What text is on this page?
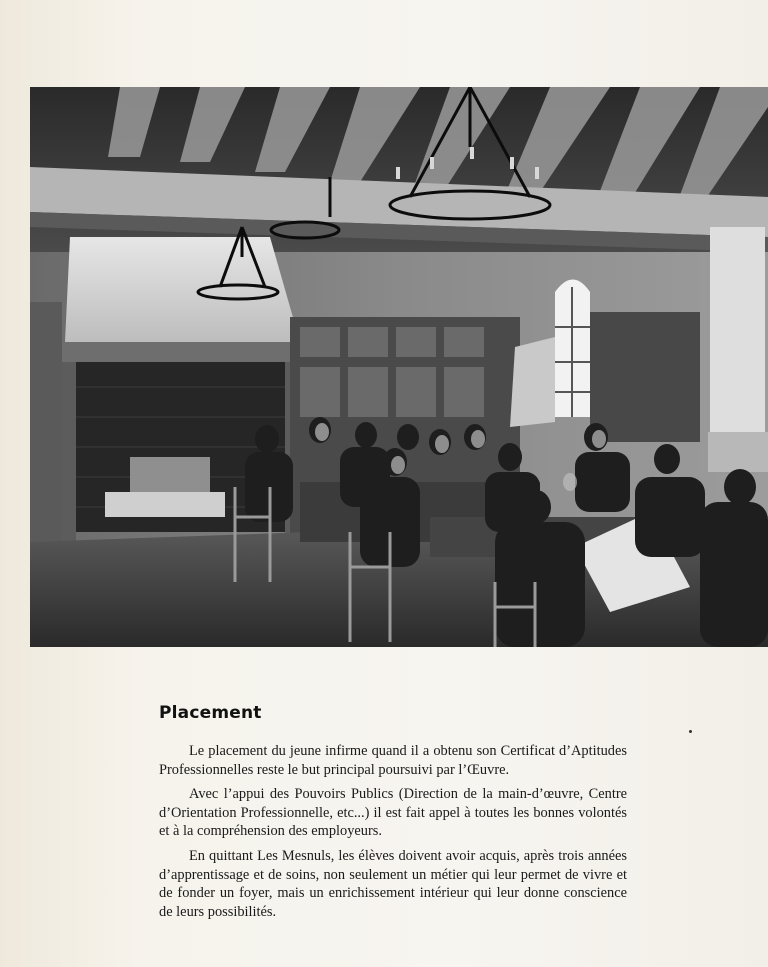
Placement

Le placement du jeune infirme quand il a obtenu son Certificat d’Aptitudes Professionnelles reste le but principal poursuivi par l’Œuvre.

Avec l’appui des Pouvoirs Publics (Direction de la main-d’œuvre, Centre d’Orientation Professionnelle, etc...) il est fait appel à toutes les bonnes volontés et à la compréhension des employeurs.

En quittant Les Mesnuls, les élèves doivent avoir acquis, après trois années d’apprentissage et de soins, non seulement un métier qui leur permet de vivre et de fonder un foyer, mais un enrichissement intérieur qui leur donne conscience de leurs possibilités.
